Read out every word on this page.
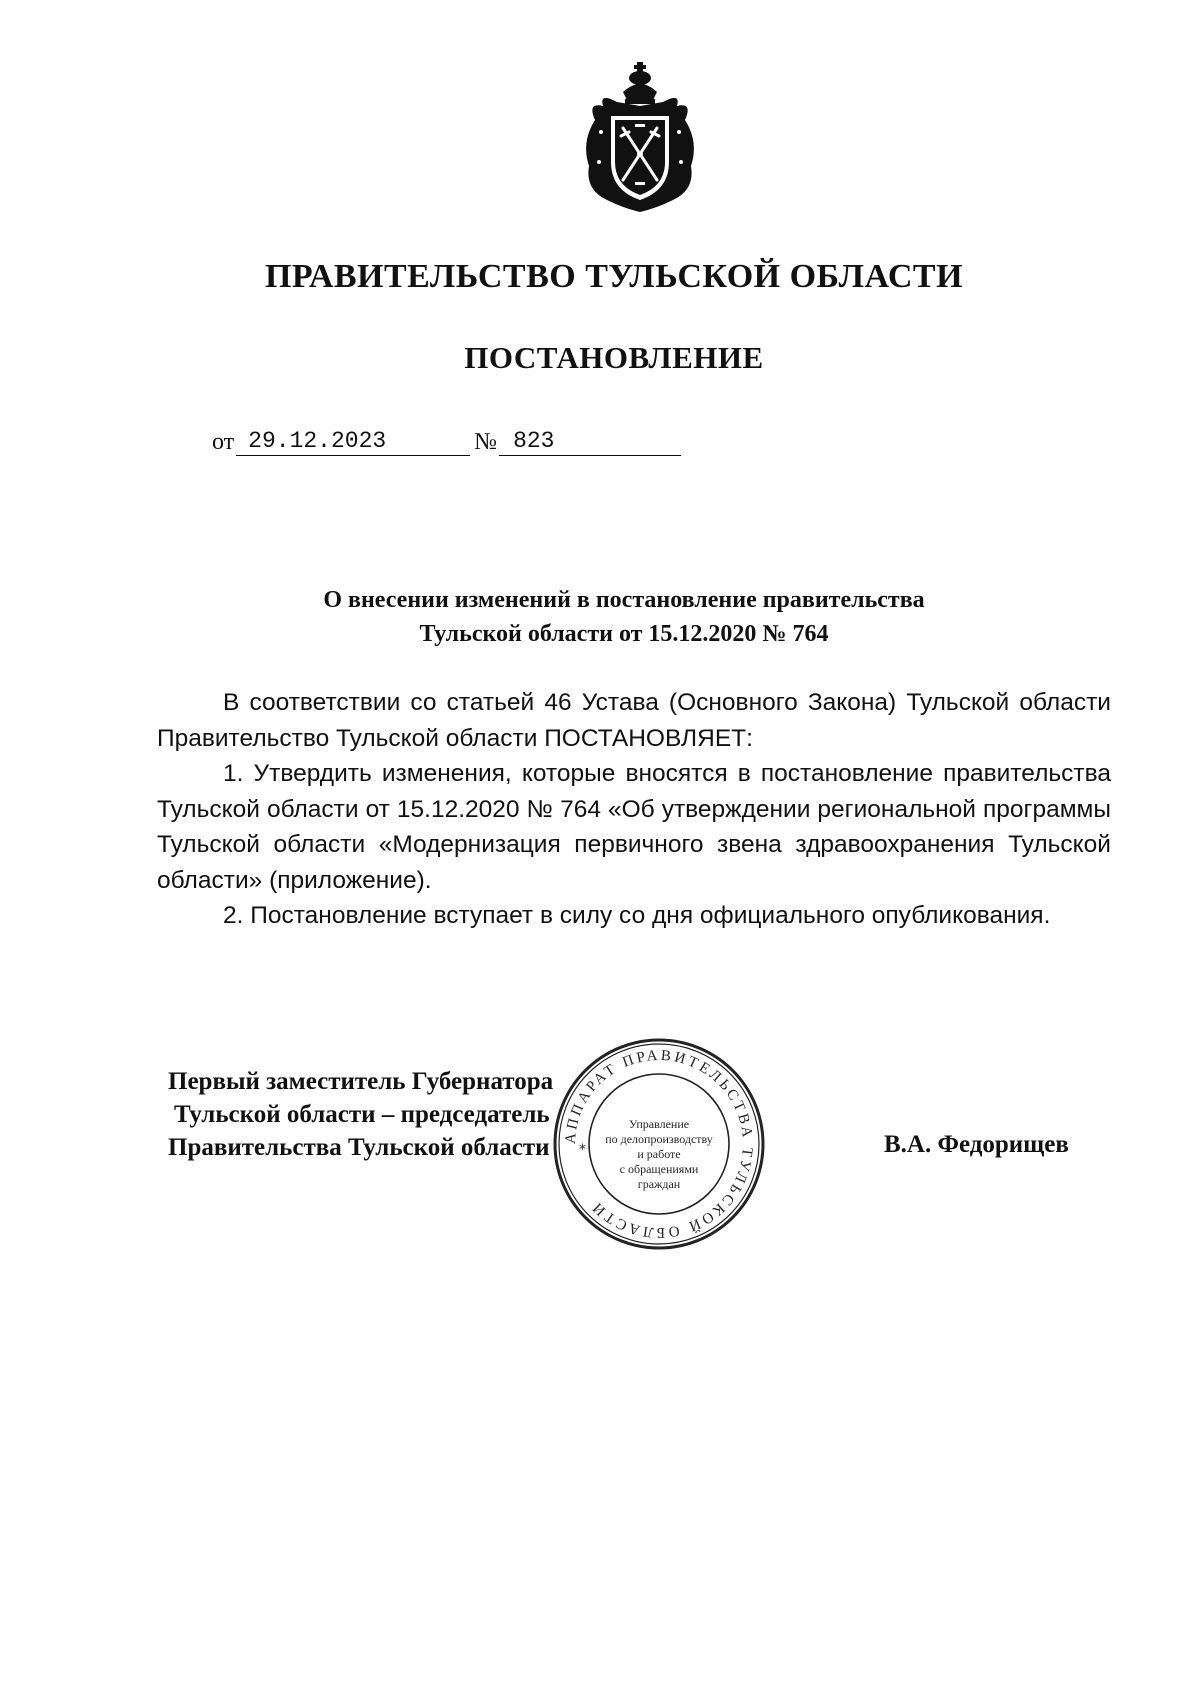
ПРАВИТЕЛЬСТВО ТУЛЬСКОЙ ОБЛАСТИ
ПОСТАНОВЛЕНИЕ
от 29.12.2023	№ 823
О внесении изменений в постановление правительства
Тульской области от 15.12.2020 № 764

В соответствии со статьей 46 Устава (Основного Закона) Тульской области Правительство Тульской области ПОСТАНОВЛЯЕТ:

1. Утвердить изменения, которые вносятся в постановление правительства Тульской области от 15.12.2020 № 764 «Об утверждении региональной программы Тульской области «Модернизация первичного звена здравоохранения Тульской области» (приложение).

2. Постановление вступает в силу со дня официального опубликования.

Первый заместитель Губернатора
Тульской области – председатель
Правительства Тульской области	В.А. Федорищев
АППАРАТ ПРАВИТЕЛЬСТВА ТУЛЬСКОЙ ОБЛАСТИ
Управление
по делопроизводству
и работе
с обращениями
граждан
*
